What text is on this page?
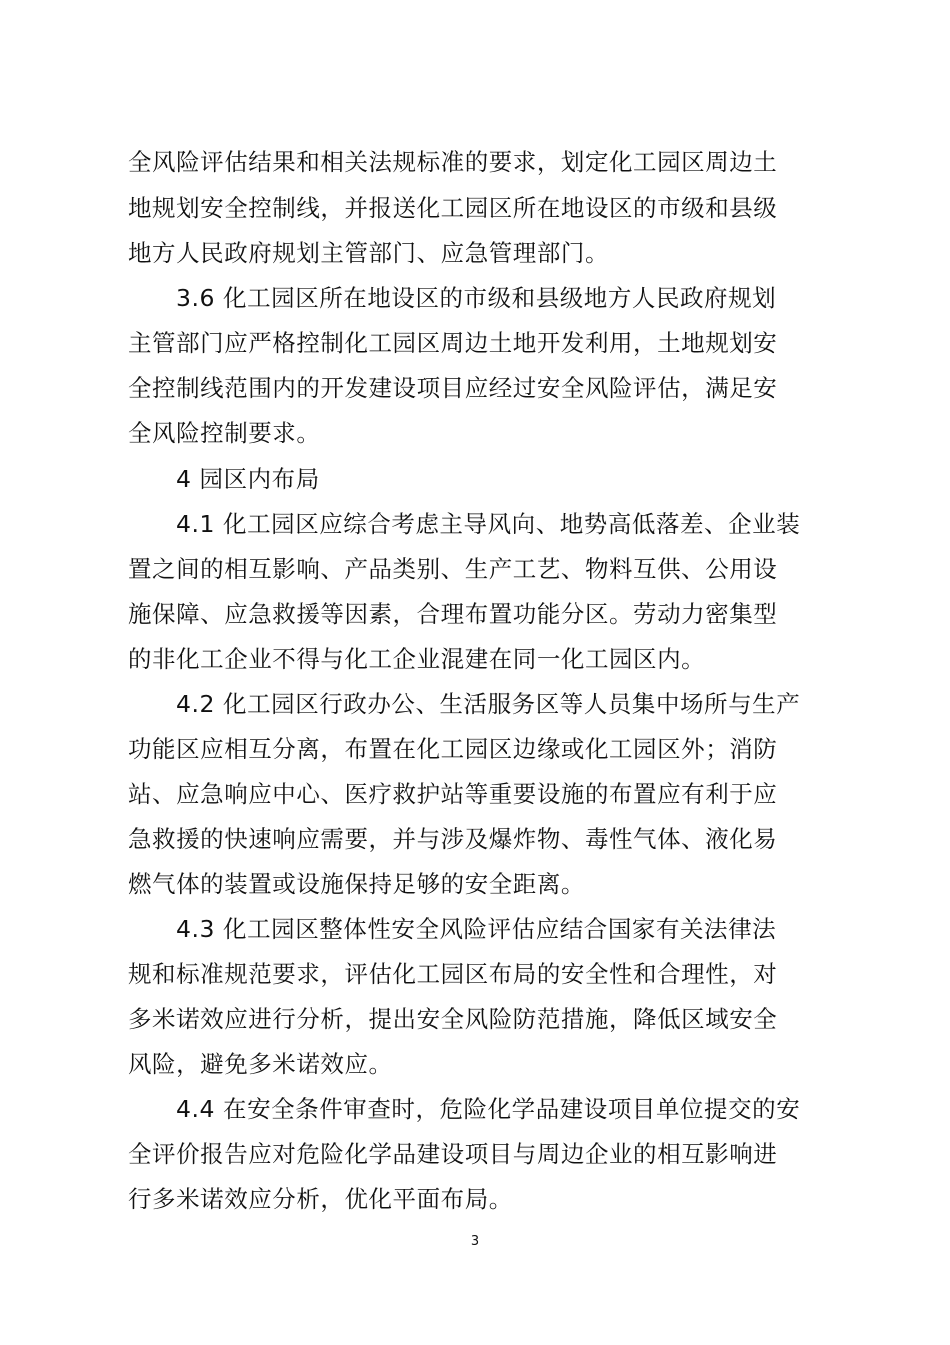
全风险评估结果和相关法规标准的要求，划定化工园区周边土
地规划安全控制线，并报送化工园区所在地设区的市级和县级
地方人民政府规划主管部门、应急管理部门。
3.6 化工园区所在地设区的市级和县级地方人民政府规划
主管部门应严格控制化工园区周边土地开发利用，土地规划安
全控制线范围内的开发建设项目应经过安全风险评估，满足安
全风险控制要求。
4 园区内布局
4.1 化工园区应综合考虑主导风向、地势高低落差、企业装
置之间的相互影响、产品类别、生产工艺、物料互供、公用设
施保障、应急救援等因素，合理布置功能分区。劳动力密集型
的非化工企业不得与化工企业混建在同一化工园区内。
4.2 化工园区行政办公、生活服务区等人员集中场所与生产
功能区应相互分离，布置在化工园区边缘或化工园区外；消防
站、应急响应中心、医疗救护站等重要设施的布置应有利于应
急救援的快速响应需要，并与涉及爆炸物、毒性气体、液化易
燃气体的装置或设施保持足够的安全距离。
4.3 化工园区整体性安全风险评估应结合国家有关法律法
规和标准规范要求，评估化工园区布局的安全性和合理性，对
多米诺效应进行分析，提出安全风险防范措施，降低区域安全
风险，避免多米诺效应。
4.4 在安全条件审查时，危险化学品建设项目单位提交的安
全评价报告应对危险化学品建设项目与周边企业的相互影响进
行多米诺效应分析，优化平面布局。
3
